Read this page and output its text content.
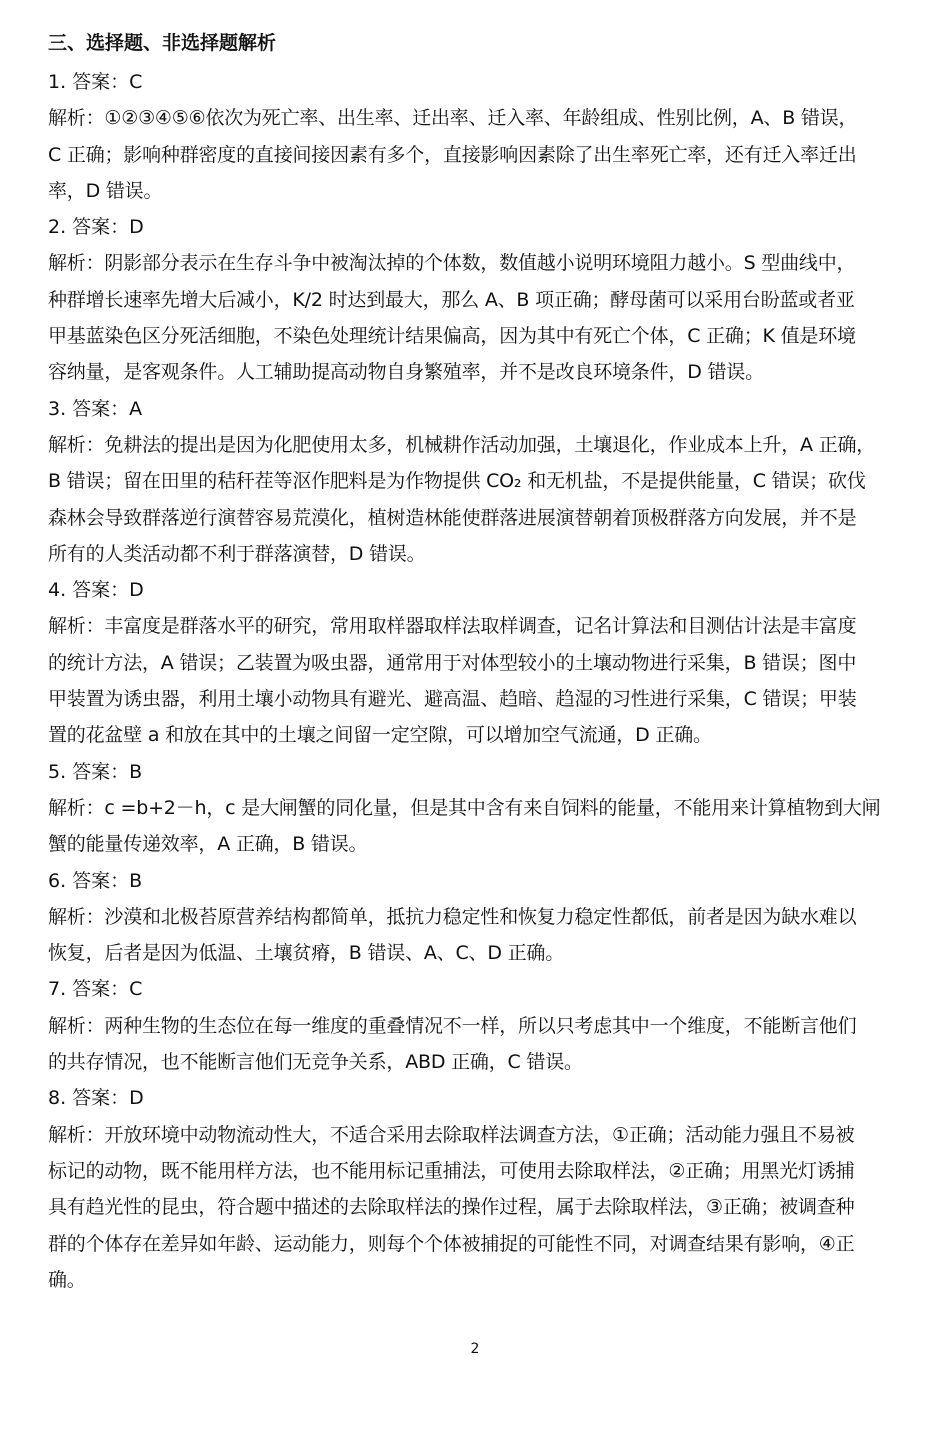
三、选择题、非选择题解析
1. 答案：C
解析：①②③④⑤⑥依次为死亡率、出生率、迁出率、迁入率、年龄组成、性别比例，A、B 错误，
C 正确；影响种群密度的直接间接因素有多个，直接影响因素除了出生率死亡率，还有迁入率迁出
率，D 错误。
2. 答案：D
解析：阴影部分表示在生存斗争中被淘汰掉的个体数，数值越小说明环境阻力越小。S 型曲线中，
种群增长速率先增大后减小，K/2 时达到最大，那么 A、B 项正确；酵母菌可以采用台盼蓝或者亚
甲基蓝染色区分死活细胞，不染色处理统计结果偏高，因为其中有死亡个体，C 正确；K 值是环境
容纳量，是客观条件。人工辅助提高动物自身繁殖率，并不是改良环境条件，D 错误。
3. 答案：A
解析：免耕法的提出是因为化肥使用太多，机械耕作活动加强，土壤退化，作业成本上升，A 正确，
B 错误；留在田里的秸秆茬等沤作肥料是为作物提供 CO₂ 和无机盐，不是提供能量，C 错误；砍伐
森林会导致群落逆行演替容易荒漠化，植树造林能使群落进展演替朝着顶极群落方向发展，并不是
所有的人类活动都不利于群落演替，D 错误。
4. 答案：D
解析：丰富度是群落水平的研究，常用取样器取样法取样调查，记名计算法和目测估计法是丰富度
的统计方法，A 错误；乙装置为吸虫器，通常用于对体型较小的土壤动物进行采集，B 错误；图中
甲装置为诱虫器，利用土壤小动物具有避光、避高温、趋暗、趋湿的习性进行采集，C 错误；甲装
置的花盆壁 a 和放在其中的土壤之间留一定空隙，可以增加空气流通，D 正确。
5. 答案：B
解析：c =b+2－h，c 是大闸蟹的同化量，但是其中含有来自饲料的能量，不能用来计算植物到大闸
蟹的能量传递效率，A 正确，B 错误。
6. 答案：B
解析：沙漠和北极苔原营养结构都简单，抵抗力稳定性和恢复力稳定性都低，前者是因为缺水难以
恢复，后者是因为低温、土壤贫瘠，B 错误、A、C、D 正确。
7. 答案：C
解析：两种生物的生态位在每一维度的重叠情况不一样，所以只考虑其中一个维度，不能断言他们
的共存情况，也不能断言他们无竞争关系，ABD 正确，C 错误。
8. 答案：D
解析：开放环境中动物流动性大，不适合采用去除取样法调查方法，①正确；活动能力强且不易被
标记的动物，既不能用样方法，也不能用标记重捕法，可使用去除取样法，②正确；用黑光灯诱捕
具有趋光性的昆虫，符合题中描述的去除取样法的操作过程，属于去除取样法，③正确；被调查种
群的个体存在差异如年龄、运动能力，则每个个体被捕捉的可能性不同，对调查结果有影响，④正
确。
2
